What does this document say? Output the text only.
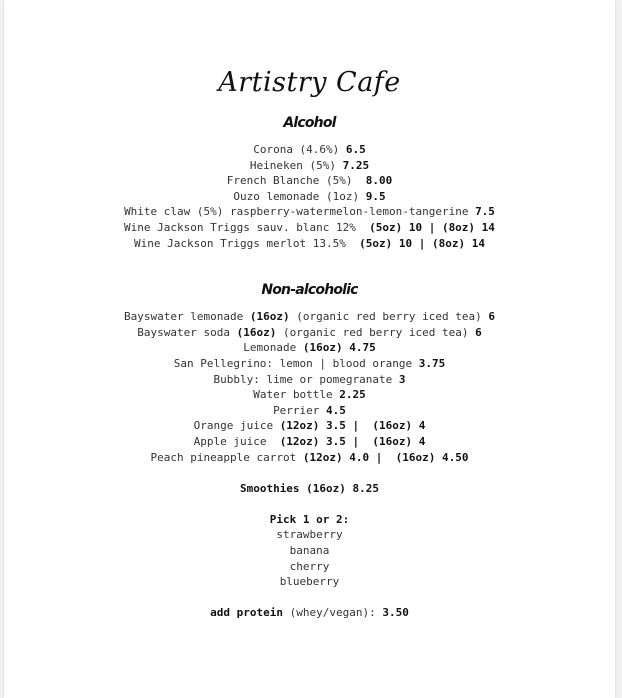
Artistry Cafe
Alcohol
Corona (4.6%) 6.5
Heineken (5%) 7.25
French Blanche (5%)  8.00
Ouzo lemonade (1oz) 9.5
White claw (5%) raspberry-watermelon-lemon-tangerine 7.5
Wine Jackson Triggs sauv. blanc 12%  (5oz) 10 | (8oz) 14
Wine Jackson Triggs merlot 13.5%  (5oz) 10 | (8oz) 14
Non-alcoholic
Bayswater lemonade (16oz) (organic red berry iced tea) 6
Bayswater soda (16oz) (organic red berry iced tea) 6
Lemonade (16oz) 4.75
San Pellegrino: lemon | blood orange 3.75
Bubbly: lime or pomegranate 3
Water bottle 2.25
Perrier 4.5
Orange juice (12oz) 3.5 |  (16oz) 4
Apple juice  (12oz) 3.5 |  (16oz) 4
Peach pineapple carrot (12oz) 4.0 |  (16oz) 4.50
Smoothies (16oz) 8.25
Pick 1 or 2:
strawberry
banana
cherry
blueberry
add protein (whey/vegan): 3.50
